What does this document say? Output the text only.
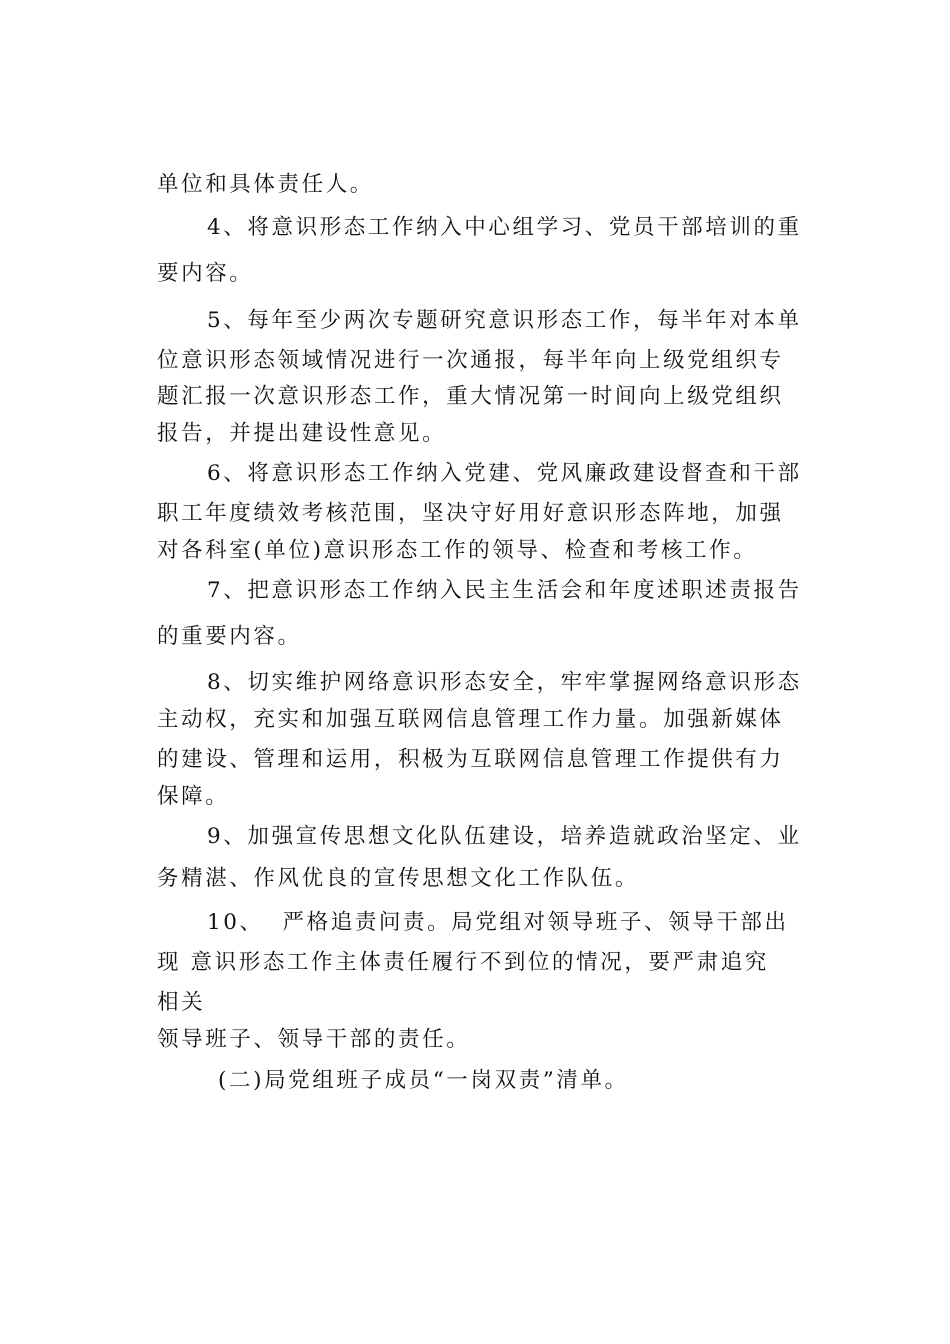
单位和具体责任人。
4、将意识形态工作纳入中心组学习、党员干部培训的重
要内容。
5、每年至少两次专题研究意识形态工作，每半年对本单
位意识形态领域情况进行一次通报，每半年向上级党组织专
题汇报一次意识形态工作，重大情况第一时间向上级党组织
报告，并提出建设性意见。
6、将意识形态工作纳入党建、党风廉政建设督查和干部
职工年度绩效考核范围，坚决守好用好意识形态阵地，加强
对各科室(单位)意识形态工作的领导、检查和考核工作。
7、把意识形态工作纳入民主生活会和年度述职述责报告
的重要内容。
8、切实维护网络意识形态安全，牢牢掌握网络意识形态
主动权，充实和加强互联网信息管理工作力量。加强新媒体
的建设、管理和运用，积极为互联网信息管理工作提供有力
保障。
9、加强宣传思想文化队伍建设，培养造就政治坚定、业
务精湛、作风优良的宣传思想文化工作队伍。
10、  严格追责问责。局党组对领导班子、领导干部出
现 意识形态工作主体责任履行不到位的情况，要严肃追究
相关
领导班子、领导干部的责任。
(二)局党组班子成员“一岗双责”清单。
